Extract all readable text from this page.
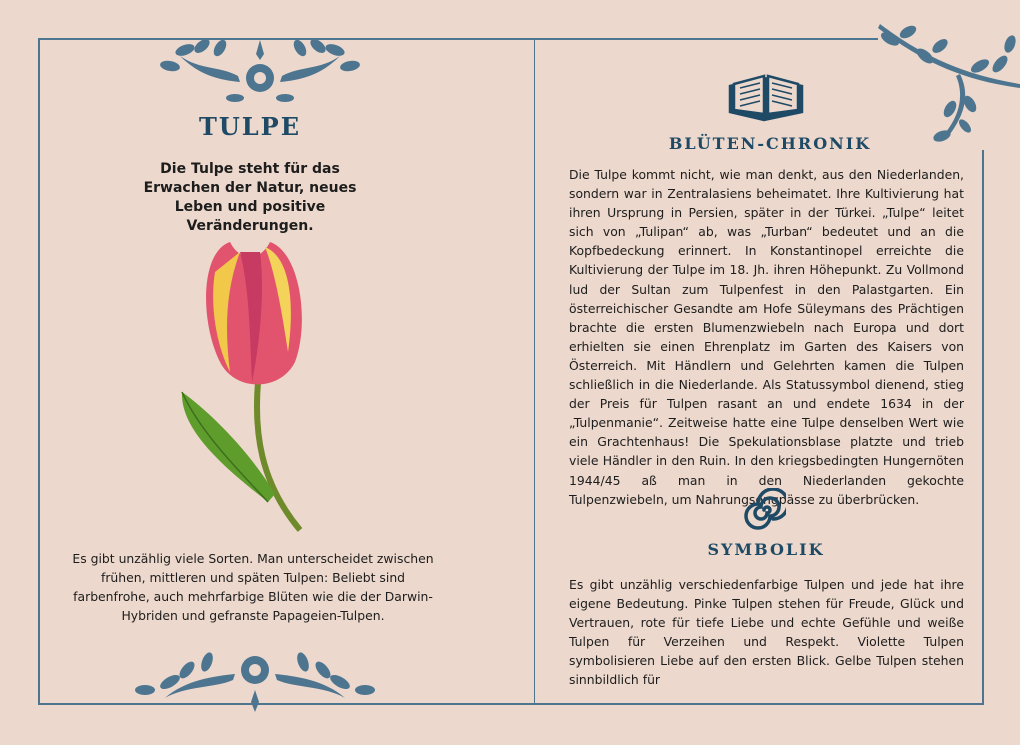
TULPE
Die Tulpe steht für das Erwachen der Natur, neues Leben und positive Veränderungen.
Es gibt unzählig viele Sorten. Man unterscheidet zwischen frühen, mittleren und späten Tulpen: Beliebt sind farbenfrohe, auch mehrfarbige Blüten wie die der Darwin-Hybriden und gefranste Papageien-Tulpen.
BLÜTEN-CHRONIK

Die Tulpe kommt nicht, wie man denkt, aus den Niederlanden, sondern war in Zentralasiens beheimatet. Ihre Kultivierung hat ihren Ursprung in Persien, später in der Türkei. „Tulpe“ leitet sich von „Tulipan“ ab, was „Turban“ bedeutet und an die Kopfbedeckung erinnert. In Konstantinopel erreichte die Kultivierung der Tulpe im 18. Jh. ihren Höhepunkt. Zu Vollmond lud der Sultan zum Tulpenfest in den Palastgarten. Ein österreichischer Gesandte am Hofe Süleymans des Prächtigen brachte die ersten Blumenzwiebeln nach Europa und dort erhielten sie einen Ehrenplatz im Garten des Kaisers von Österreich. Mit Händlern und Gelehrten kamen die Tulpen schließlich in die Niederlande. Als Statussymbol dienend, stieg der Preis für Tulpen rasant an und endete 1634 in der „Tulpenmanie“. Zeitweise hatte eine Tulpe denselben Wert wie ein Grachtenhaus! Die Spekulationsblase platzte und trieb viele Händler in den Ruin. In den kriegsbedingten Hungernöten 1944/45 aß man in den Niederlanden gekochte Tulpenzwiebeln, um Nahrungsengpässe zu überbrücken.

SYMBOLIK

Es gibt unzählig verschiedenfarbige Tulpen und jede hat ihre eigene Bedeutung. Pinke Tulpen stehen für Freude, Glück und Vertrauen, rote für tiefe Liebe und echte Gefühle und weiße Tulpen für Verzeihen und Respekt. Violette Tulpen symbolisieren Liebe auf den ersten Blick. Gelbe Tulpen stehen sinnbildlich für
